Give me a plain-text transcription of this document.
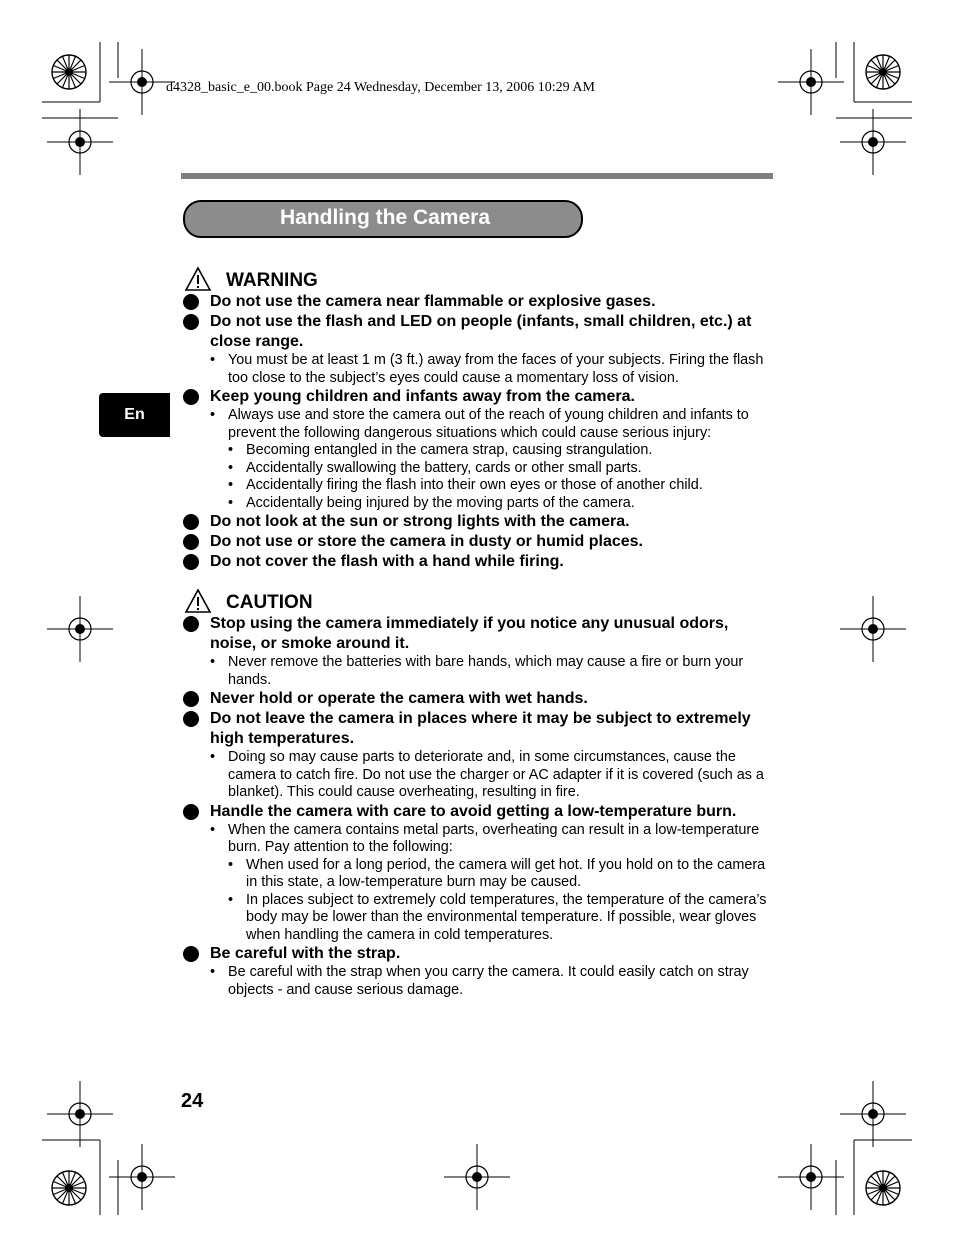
d4328_basic_e_00.book Page 24 Wednesday, December 13, 2006 10:29 AM
Handling the Camera
En
WARNING
Do not use the camera near flammable or explosive gases.
Do not use the flash and LED on people (infants, small children, etc.) at close range.
• You must be at least 1 m (3 ft.) away from the faces of your subjects. Firing the flash too close to the subject’s eyes could cause a momentary loss of vision.
Keep young children and infants away from the camera.
• Always use and store the camera out of the reach of young children and infants to prevent the following dangerous situations which could cause serious injury:
• Becoming entangled in the camera strap, causing strangulation.
• Accidentally swallowing the battery, cards or other small parts.
• Accidentally firing the flash into their own eyes or those of another child.
• Accidentally being injured by the moving parts of the camera.
Do not look at the sun or strong lights with the camera.
Do not use or store the camera in dusty or humid places.
Do not cover the flash with a hand while firing.
CAUTION
Stop using the camera immediately if you notice any unusual odors, noise, or smoke around it.
• Never remove the batteries with bare hands, which may cause a fire or burn your hands.
Never hold or operate the camera with wet hands.
Do not leave the camera in places where it may be subject to extremely high temperatures.
• Doing so may cause parts to deteriorate and, in some circumstances, cause the camera to catch fire. Do not use the charger or AC adapter if it is covered (such as a blanket). This could cause overheating, resulting in fire.
Handle the camera with care to avoid getting a low-temperature burn.
• When the camera contains metal parts, overheating can result in a low-temperature burn. Pay attention to the following:
• When used for a long period, the camera will get hot. If you hold on to the camera in this state, a low-temperature burn may be caused.
• In places subject to extremely cold temperatures, the temperature of the camera’s body may be lower than the environmental temperature. If possible, wear gloves when handling the camera in cold temperatures.
Be careful with the strap.
• Be careful with the strap when you carry the camera. It could easily catch on stray objects - and cause serious damage.
24
